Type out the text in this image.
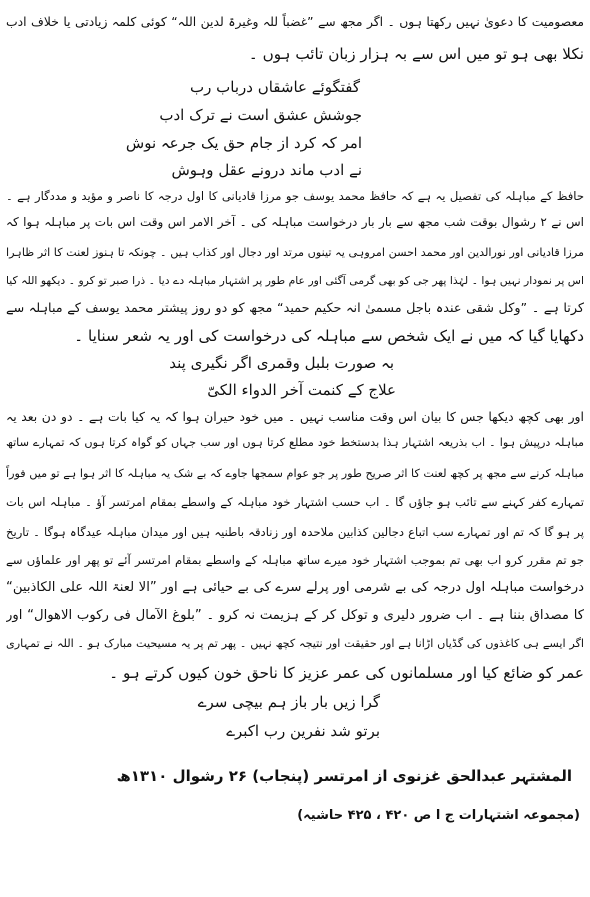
معصومیت کا دعویٰ نہیں رکھتا ہوں ۔ اگر مجھ سے ”غضباً للہ وغیرۃ لدین اللہ“ کوئی کلمہ زیادتی یا خلاف ادب
نکلا بھی ہو تو میں اس سے بہ ہزار زبان تائب ہوں ۔
گفتگوئے عاشقاں درباب رب
جوشش عشق است نے ترک ادب
امر کہ کرد از جام حق یک جرعہ نوش
نے ادب ماند درونے عقل وہوش
حافظ کے مباہلہ کی تفصیل یہ ہے کہ حافظ محمد یوسف جو مرزا قادیانی کا اول درجہ کا ناصر و مؤید و مددگار ہے ۔
اس نے ۲ رشوال بوقت شب مجھ سے بار بار درخواست مباہلہ کی ۔ آخر الامر اس وقت اس بات پر مباہلہ ہوا کہ
مرزا قادیانی اور نورالدین اور محمد احسن امروہی یہ تینوں مرتد اور دجال اور کذاب ہیں ۔ چونکہ تا ہنوز لعنت کا اثر ظاہرا
اس پر نمودار نہیں ہوا ۔ لہٰذا پھر جی کو بھی گرمی آگئی اور عام طور پر اشتہار مباہلہ دے دیا ۔ ذرا صبر تو کرو ۔ دیکھو اللہ کیا
کرتا ہے ۔ ”وکل شقی عندہ باجل مسمیٰ انہ حکیم حمید“ مجھ کو دو روز پیشتر محمد یوسف کے مباہلہ سے
دکھایا گیا کہ میں نے ایک شخص سے مباہلہ کی درخواست کی اور یہ شعر سنایا ۔
بہ صورت بلبل وقمری اگر نگیری پند
علاج کے کنمت آخر الدواء الکیّ
اور بھی کچھ دیکھا جس کا بیان اس وقت مناسب نہیں ۔ میں خود حیران ہوا کہ یہ کیا بات ہے ۔ دو دن بعد یہ
مباہلہ درپیش ہوا ۔ اب بذریعہ اشتہار ہذا بدستخط خود مطلع کرتا ہوں اور سب جہاں کو گواہ کرتا ہوں کہ تمہارے ساتھ
مباہلہ کرنے سے مجھ پر کچھ لعنت کا اثر صریح طور پر جو عوام سمجھا جاوے کہ بے شک یہ مباہلہ کا اثر ہوا ہے تو میں فوراً
تمہارے کفر کہنے سے تائب ہو جاؤں گا ۔ اب حسب اشتہار خود مباہلہ کے واسطے بمقام امرتسر آؤ ۔ مباہلہ اس بات
پر ہو گا کہ تم اور تمہارے سب اتباع دجالین کذابین ملاحدہ اور زنادقہ باطنیہ ہیں اور میدان مباہلہ عیدگاہ ہوگا ۔ تاریخ
جو تم مقرر کرو اب بھی تم بموجب اشتہار خود میرے ساتھ مباہلہ کے واسطے بمقام امرتسر آئے تو پھر اور علماؤں سے
درخواست مباہلہ اول درجہ کی بے شرمی اور پرلے سرے کی بے حیائی ہے اور ”الا لعنۃ اللہ علی الکاذبین“
کا مصداق بننا ہے ۔ اب ضرور دلیری و توکل کر کے ہزیمت نہ کرو ۔ ”بلوغ الآمال فی رکوب الاھوال“ اور
اگر ایسے ہی کاغذوں کی گڈیاں اڑانا ہے اور حقیقت اور نتیجہ کچھ نہیں ۔ پھر تم پر یہ مسیحیت مبارک ہو ۔ اللہ نے تمہاری
عمر کو ضائع کیا اور مسلمانوں کی عمر عزیز کا ناحق خون کیوں کرتے ہو ۔
گرا زیں بار باز ہم بیچی سرے
برتو شد نفرین رب اکبرے
المشتہر عبدالحق غزنوی از امرتسر (پنجاب) ۲۶ رشوال ۱۳۱۰ھ
(مجموعہ اشتہارات ج ا ص ۴۲۰ ، ۴۲۵ حاشیہ)
